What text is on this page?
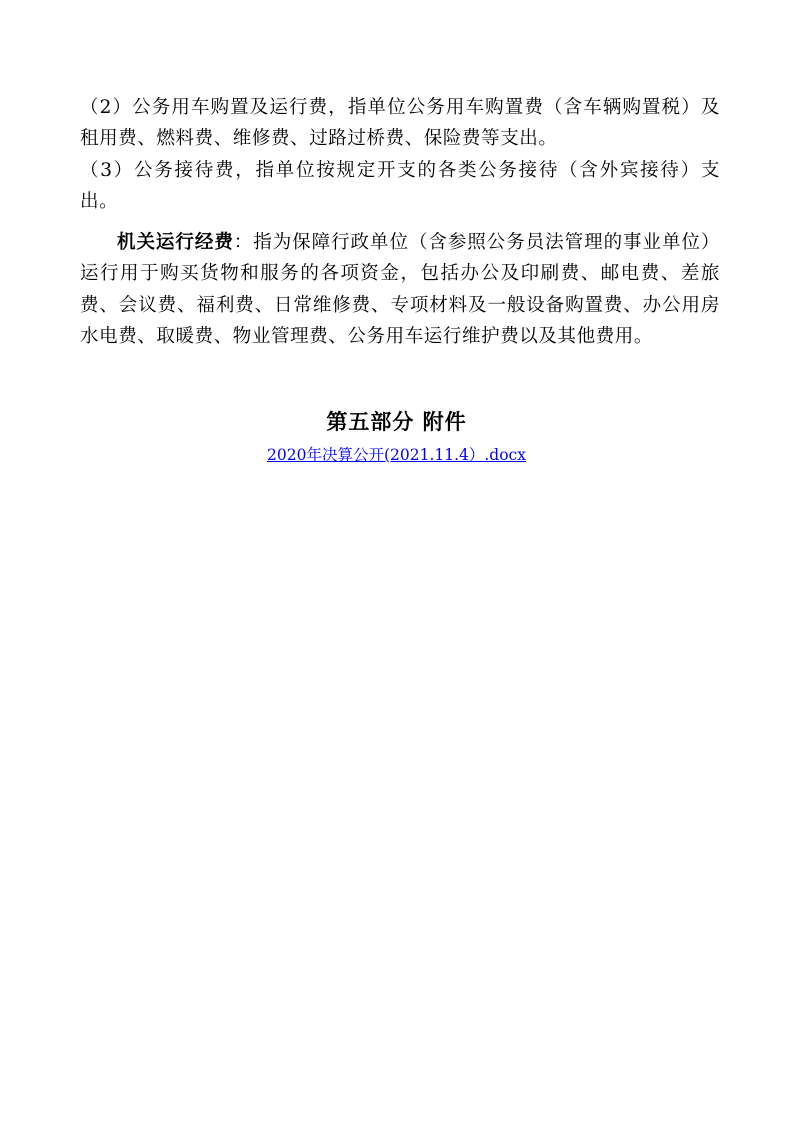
（2）公务用车购置及运行费，指单位公务用车购置费（含车辆购置税）及租用费、燃料费、维修费、过路过桥费、保险费等支出。

（3）公务接待费，指单位按规定开支的各类公务接待（含外宾接待）支出。

机关运行经费：指为保障行政单位（含参照公务员法管理的事业单位）运行用于购买货物和服务的各项资金，包括办公及印刷费、邮电费、差旅费、会议费、福利费、日常维修费、专项材料及一般设备购置费、办公用房水电费、取暖费、物业管理费、公务用车运行维护费以及其他费用。

第五部分 附件
2020年决算公开(2021.11.4）.docx
